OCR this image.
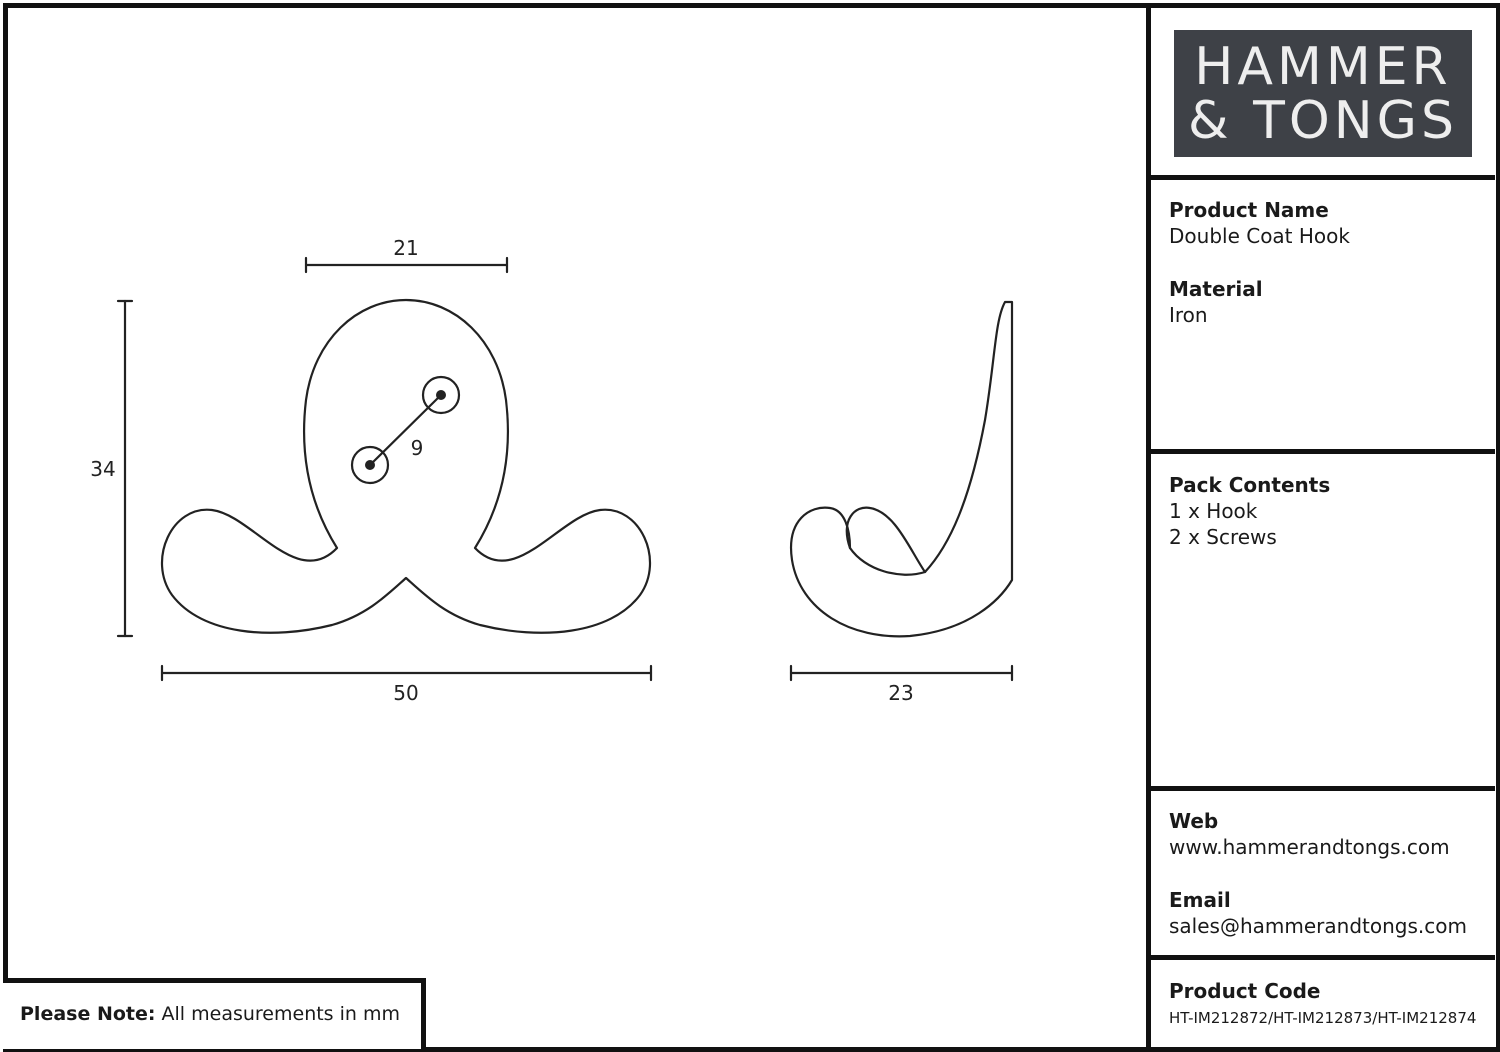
HAMMER
& TONGS
Product Name
Double Coat Hook
Material
Iron
Pack Contents
1 x Hook
2 x Screws
Web
www.hammerandtongs.com
Email
sales@hammerandtongs.com
Product Code
HT-IM212872/HT-IM212873/HT-IM212874
Please Note: All measurements in mm
21
34
9
50	23
